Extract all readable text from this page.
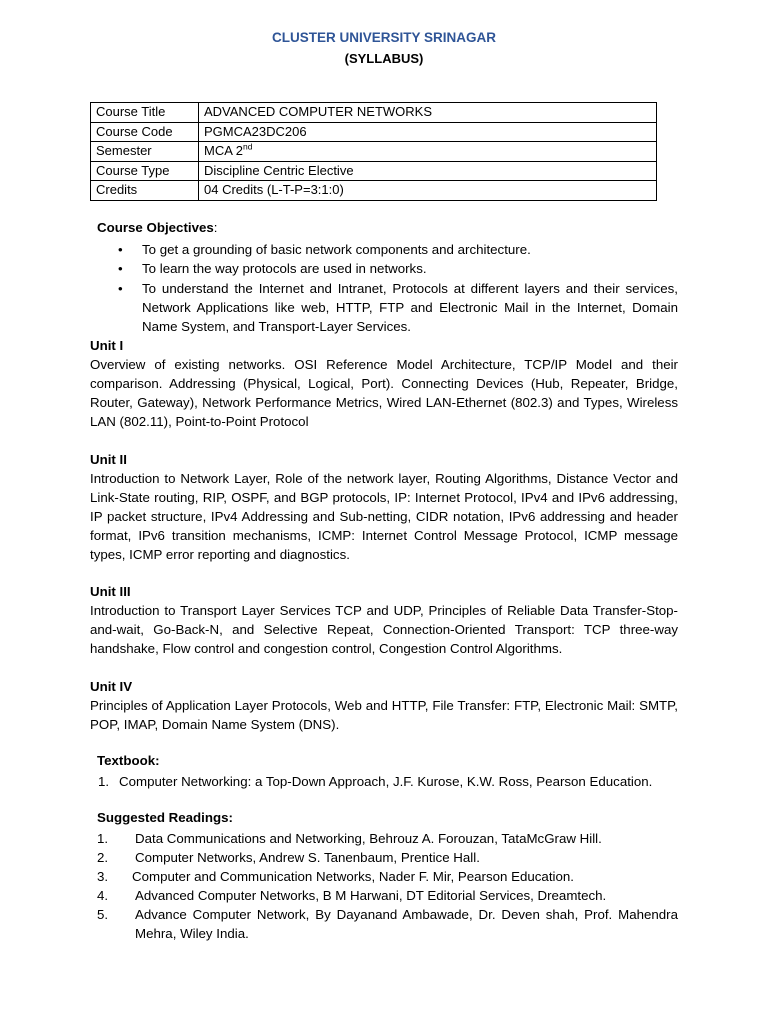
CLUSTER UNIVERSITY SRINAGAR
(SYLLABUS)
Course Title	ADVANCED COMPUTER NETWORKS
Course Code	PGMCA23DC206
Semester	MCA 2nd
Course Type	Discipline Centric Elective
Credits	04 Credits (L-T-P=3:1:0)
Course Objectives:
• To get a grounding of basic network components and architecture.
• To learn the way protocols are used in networks.
• To understand the Internet and Intranet, Protocols at different layers and their services, Network Applications like web, HTTP, FTP and Electronic Mail in the Internet, Domain Name System, and Transport-Layer Services.
Unit I
Overview of existing networks. OSI Reference Model Architecture, TCP/IP Model and their comparison. Addressing (Physical, Logical, Port). Connecting Devices (Hub, Repeater, Bridge, Router, Gateway), Network Performance Metrics, Wired LAN-Ethernet (802.3) and Types, Wireless LAN (802.11), Point-to-Point Protocol
Unit II
Introduction to Network Layer, Role of the network layer, Routing Algorithms, Distance Vector and Link-State routing, RIP, OSPF, and BGP protocols, IP: Internet Protocol, IPv4 and IPv6 addressing, IP packet structure, IPv4 Addressing and Sub-netting, CIDR notation, IPv6 addressing and header format, IPv6 transition mechanisms, ICMP: Internet Control Message Protocol, ICMP message types, ICMP error reporting and diagnostics.
Unit III
Introduction to Transport Layer Services TCP and UDP, Principles of Reliable Data Transfer-Stop-and-wait, Go-Back-N, and Selective Repeat, Connection-Oriented Transport: TCP three-way handshake, Flow control and congestion control, Congestion Control Algorithms.
Unit IV
Principles of Application Layer Protocols, Web and HTTP, File Transfer: FTP, Electronic Mail: SMTP, POP, IMAP, Domain Name System (DNS).
Textbook:
1. Computer Networking: a Top-Down Approach, J.F. Kurose, K.W. Ross, Pearson Education.
Suggested Readings:
1. Data Communications and Networking, Behrouz A. Forouzan, TataMcGraw Hill.
2. Computer Networks, Andrew S. Tanenbaum, Prentice Hall.
3. Computer and Communication Networks, Nader F. Mir, Pearson Education.
4. Advanced Computer Networks, B M Harwani, DT Editorial Services, Dreamtech.
5. Advance Computer Network, By Dayanand Ambawade, Dr. Deven shah, Prof. Mahendra Mehra, Wiley India.
